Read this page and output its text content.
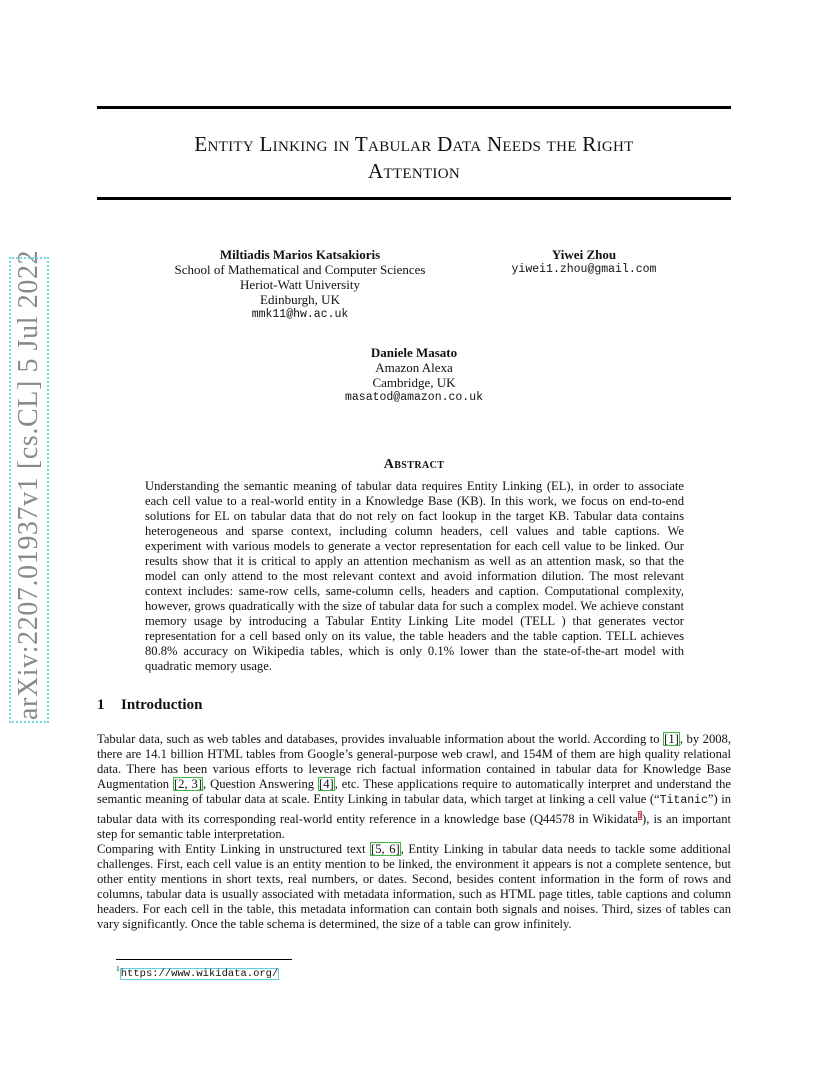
arXiv:2207.01937v1 [cs.CL] 5 Jul 2022
Entity Linking in Tabular Data Needs the Right
Attention
Miltiadis Marios Katsakioris
School of Mathematical and Computer Sciences
Heriot-Watt University
Edinburgh, UK
mmk11@hw.ac.uk
Yiwei Zhou
yiwei1.zhou@gmail.com
Daniele Masato
Amazon Alexa
Cambridge, UK
masatod@amazon.co.uk
Abstract
Understanding the semantic meaning of tabular data requires Entity Linking (EL), in order to associate each cell value to a real-world entity in a Knowledge Base (KB). In this work, we focus on end-to-end solutions for EL on tabular data that do not rely on fact lookup in the target KB. Tabular data contains heterogeneous and sparse context, including column headers, cell values and table captions. We experiment with various models to generate a vector representation for each cell value to be linked. Our results show that it is critical to apply an attention mechanism as well as an attention mask, so that the model can only attend to the most relevant context and avoid information dilution. The most relevant context includes: same-row cells, same-column cells, headers and caption. Computational complexity, however, grows quadratically with the size of tabular data for such a complex model. We achieve constant memory usage by introducing a Tabular Entity Linking Lite model (TELL ) that generates vector representation for a cell based only on its value, the table headers and the table caption. TELL achieves 80.8% accuracy on Wikipedia tables, which is only 0.1% lower than the state-of-the-art model with quadratic memory usage.
1 Introduction

Tabular data, such as web tables and databases, provides invaluable information about the world. According to [1], by 2008, there are 14.1 billion HTML tables from Google’s general-purpose web crawl, and 154M of them are high quality relational data. There has been various efforts to leverage rich factual information contained in tabular data for Knowledge Base Augmentation [2, 3], Question Answering [4], etc. These applications require to automatically interpret and understand the semantic meaning of tabular data at scale. Entity Linking in tabular data, which target at linking a cell value (“Titanic”) in tabular data with its corresponding real-world entity reference in a knowledge base (Q44578 in Wikidata$^1$), is an important step for semantic table interpretation.

Comparing with Entity Linking in unstructured text [5, 6], Entity Linking in tabular data needs to tackle some additional challenges. First, each cell value is an entity mention to be linked, the environment it appears is not a complete sentence, but other entity mentions in short texts, real numbers, or dates. Second, besides content information in the form of rows and columns, tabular data is usually associated with metadata information, such as HTML page titles, table captions and column headers. For each cell in the table, this metadata information can contain both signals and noises. Third, sizes of tables can vary significantly. Once the table schema is determined, the size of a table can grow infinitely.

$^1$https://www.wikidata.org/
